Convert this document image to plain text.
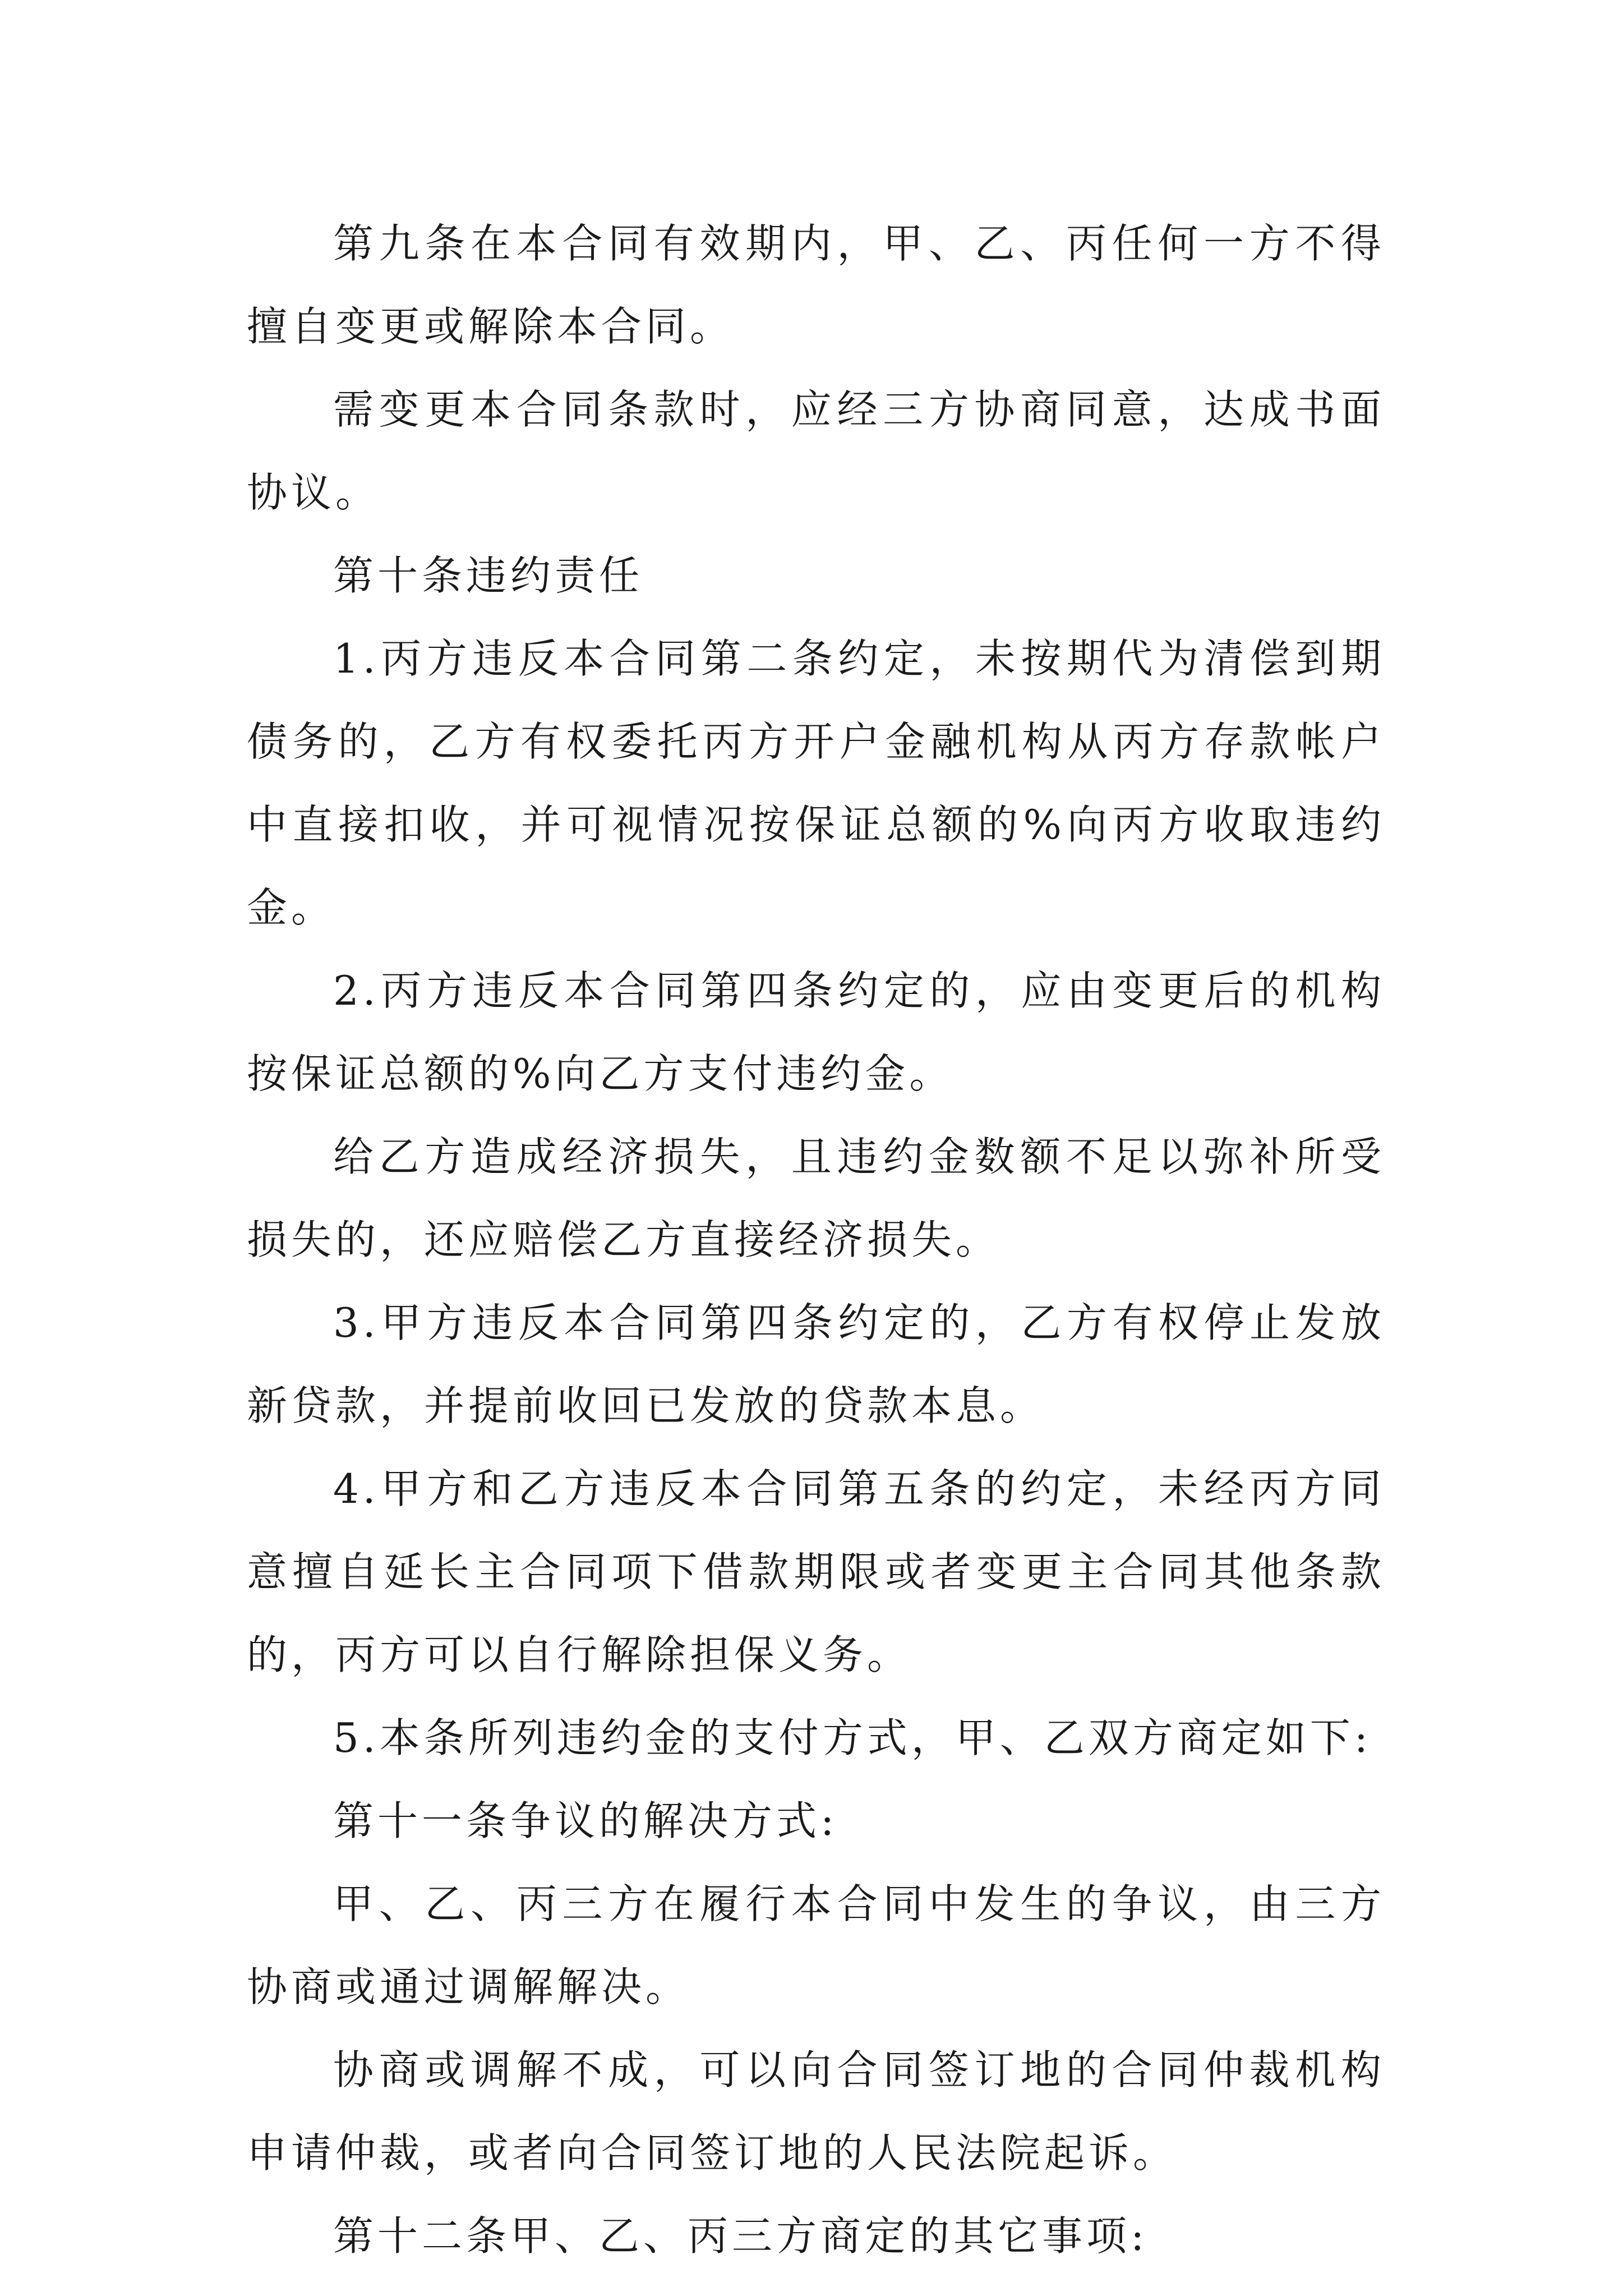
第九条在本合同有效期内，甲、乙、丙任何一方不得擅自变更或解除本合同。

需变更本合同条款时，应经三方协商同意，达成书面协议。

第十条违约责任

1.丙方违反本合同第二条约定，未按期代为清偿到期债务的，乙方有权委托丙方开户金融机构从丙方存款帐户中直接扣收，并可视情况按保证总额的%向丙方收取违约金。

2.丙方违反本合同第四条约定的，应由变更后的机构按保证总额的%向乙方支付违约金。

给乙方造成经济损失，且违约金数额不足以弥补所受损失的，还应赔偿乙方直接经济损失。

3.甲方违反本合同第四条约定的，乙方有权停止发放新贷款，并提前收回已发放的贷款本息。

4.甲方和乙方违反本合同第五条的约定，未经丙方同意擅自延长主合同项下借款期限或者变更主合同其他条款的，丙方可以自行解除担保义务。

5.本条所列违约金的支付方式，甲、乙双方商定如下:

第十一条争议的解决方式:

甲、乙、丙三方在履行本合同中发生的争议，由三方协商或通过调解解决。

协商或调解不成，可以向合同签订地的合同仲裁机构申请仲裁，或者向合同签订地的人民法院起诉。

第十二条甲、乙、丙三方商定的其它事项:
